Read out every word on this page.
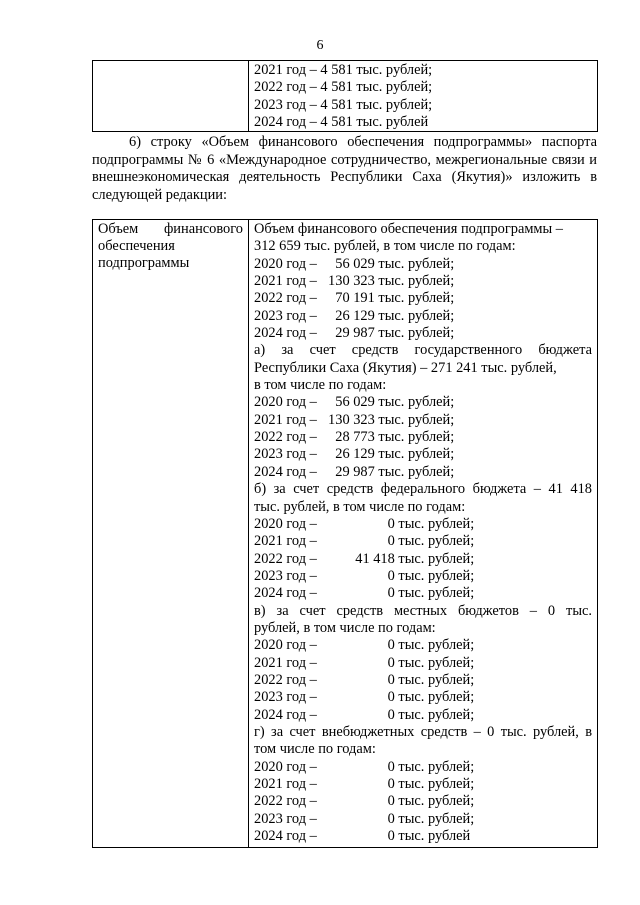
6

2021 год – 4 581 тыс. рублей;
2022 год – 4 581 тыс. рублей;
2023 год – 4 581 тыс. рублей;
2024 год – 4 581 тыс. рублей
6) строку «Объем финансового обеспечения подпрограммы» паспорта подпрограммы № 6 «Международное сотрудничество, межрегиональные связи и внешнеэкономическая деятельность Республики Саха (Якутия)» изложить в следующей редакции:
Объем финансового обеспечения подпрограммы

Объем финансового обеспечения подпрограммы –
312 659 тыс. рублей, в том числе по годам:
2020 год – 56 029 тыс. рублей;
2021 год – 130 323 тыс. рублей;
2022 год – 70 191 тыс. рублей;
2023 год – 26 129 тыс. рублей;
2024 год – 29 987 тыс. рублей;
а) за счет средств государственного бюджета
Республики Саха (Якутия) – 271 241 тыс. рублей,
в том числе по годам:
2020 год – 56 029 тыс. рублей;
2021 год – 130 323 тыс. рублей;
2022 год – 28 773 тыс. рублей;
2023 год – 26 129 тыс. рублей;
2024 год – 29 987 тыс. рублей;
б) за счет средств федерального бюджета – 41 418
тыс. рублей, в том числе по годам:
2020 год –	0 тыс. рублей;
2021 год –	0 тыс. рублей;
2022 год –	41 418 тыс. рублей;
2023 год –	0 тыс. рублей;
2024 год –	0 тыс. рублей;
в) за счет средств местных бюджетов – 0 тыс.
рублей, в том числе по годам:
2020 год –	0 тыс. рублей;
2021 год –	0 тыс. рублей;
2022 год –	0 тыс. рублей;
2023 год –	0 тыс. рублей;
2024 год –	0 тыс. рублей;
г) за счет внебюджетных средств – 0 тыс. рублей, в
том числе по годам:
2020 год –	0 тыс. рублей;
2021 год –	0 тыс. рублей;
2022 год –	0 тыс. рублей;
2023 год –	0 тыс. рублей;
2024 год –	0 тыс. рублей
